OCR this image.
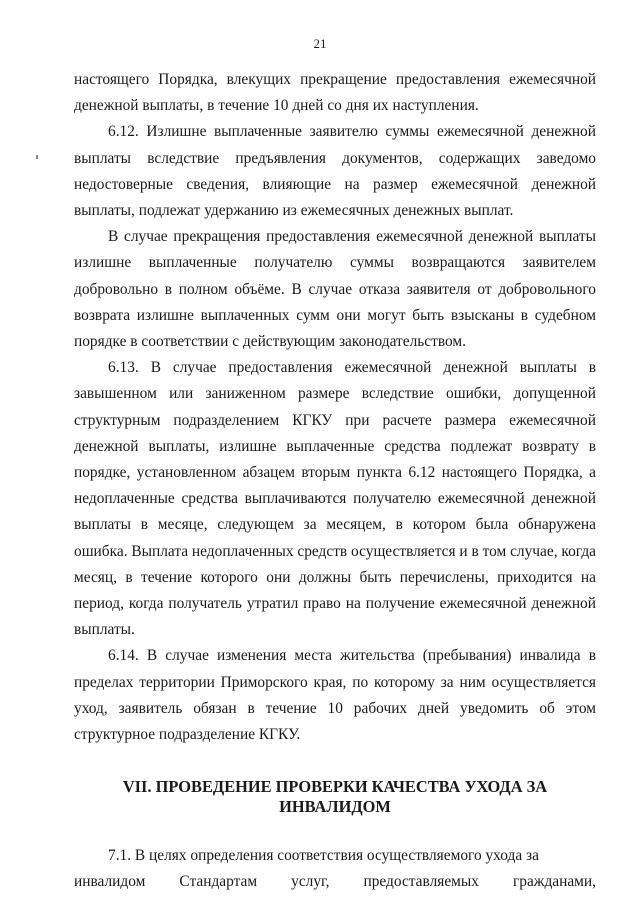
21

настоящего Порядка, влекущих прекращение предоставления ежемесячной денежной выплаты, в течение 10 дней со дня их наступления.

6.12. Излишне выплаченные заявителю суммы ежемесячной денежной выплаты вследствие предъявления документов, содержащих заведомо недостоверные сведения, влияющие на размер ежемесячной денежной выплаты, подлежат удержанию из ежемесячных денежных выплат.

В случае прекращения предоставления ежемесячной денежной выплаты излишне выплаченные получателю суммы возвращаются заявителем добровольно в полном объёме. В случае отказа заявителя от добровольного возврата излишне выплаченных сумм они могут быть взысканы в судебном порядке в соответствии с действующим законодательством.

6.13. В случае предоставления ежемесячной денежной выплаты в завышенном или заниженном размере вследствие ошибки, допущенной структурным подразделением КГКУ при расчете размера ежемесячной денежной выплаты, излишне выплаченные средства подлежат возврату в порядке, установленном абзацем вторым пункта 6.12 настоящего Порядка, а недоплаченные средства выплачиваются получателю ежемесячной денежной выплаты в месяце, следующем за месяцем, в котором была обнаружена ошибка. Выплата недоплаченных средств осуществляется и в том случае, когда месяц, в течение которого они должны быть перечислены, приходится на период, когда получатель утратил право на получение ежемесячной денежной выплаты.

6.14. В случае изменения места жительства (пребывания) инвалида в пределах территории Приморского края, по которому за ним осуществляется уход, заявитель обязан в течение 10 рабочих дней уведомить об этом структурное подразделение КГКУ.

VII. ПРОВЕДЕНИЕ ПРОВЕРКИ КАЧЕСТВА УХОДА ЗА
ИНВАЛИДОМ

7.1. В целях определения соответствия осуществляемого ухода за

инвалидом Стандартам услуг, предоставляемых гражданами,
